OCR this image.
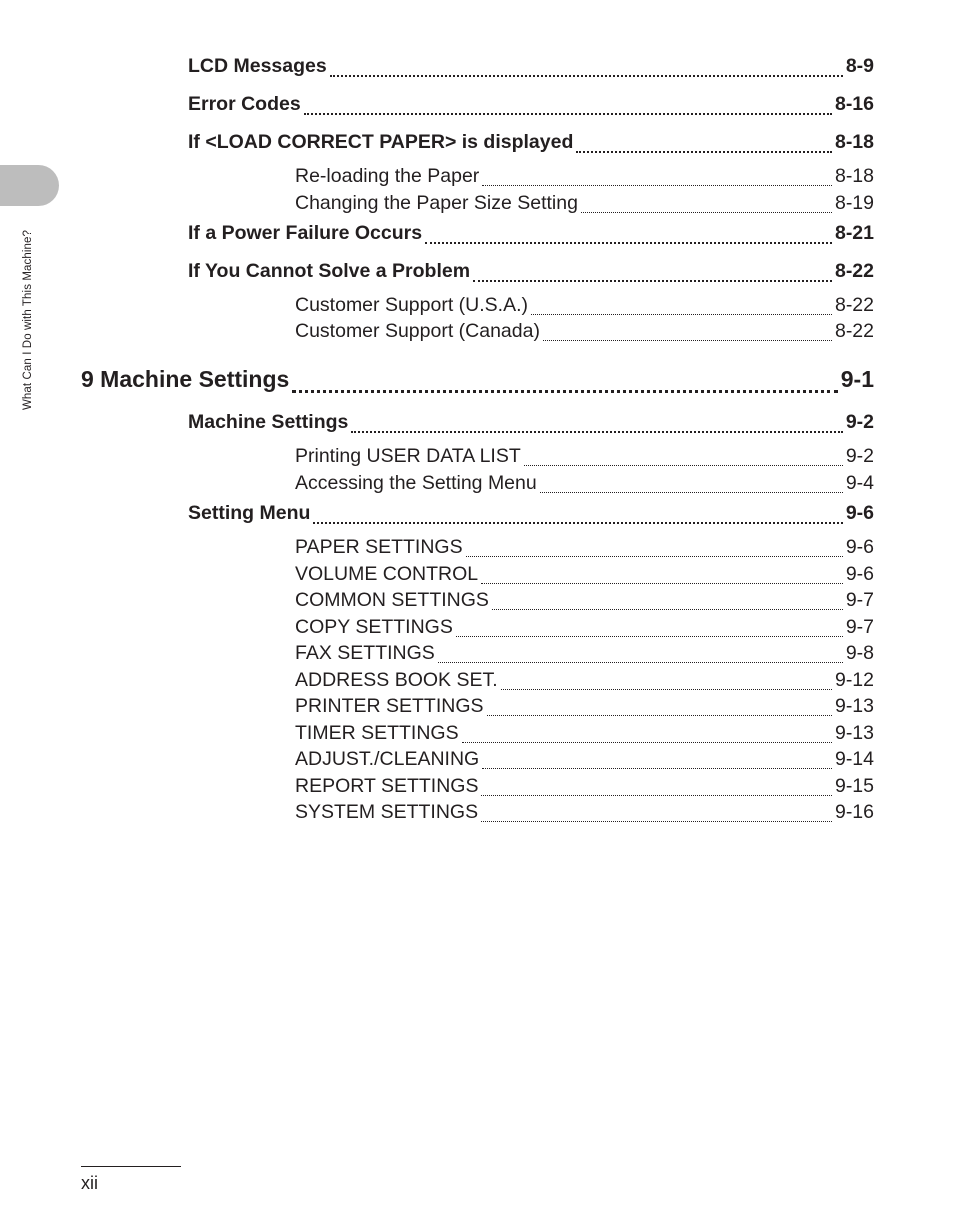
What Can I Do with This Machine?
LCD Messages	8-9
Error Codes	8-16
If <LOAD CORRECT PAPER> is displayed	8-18
Re-loading the Paper	8-18
Changing the Paper Size Setting	8-19
If a Power Failure Occurs	8-21
If You Cannot Solve a Problem	8-22
Customer Support (U.S.A.)	8-22
Customer Support (Canada)	8-22
9 Machine Settings	9-1
Machine Settings	9-2
Printing USER DATA LIST	9-2
Accessing the Setting Menu	9-4
Setting Menu	9-6
PAPER SETTINGS	9-6
VOLUME CONTROL	9-6
COMMON SETTINGS	9-7
COPY SETTINGS	9-7
FAX SETTINGS	9-8
ADDRESS BOOK SET.	9-12
PRINTER SETTINGS	9-13
TIMER SETTINGS	9-13
ADJUST./CLEANING	9-14
REPORT SETTINGS	9-15
SYSTEM SETTINGS	9-16
xii
